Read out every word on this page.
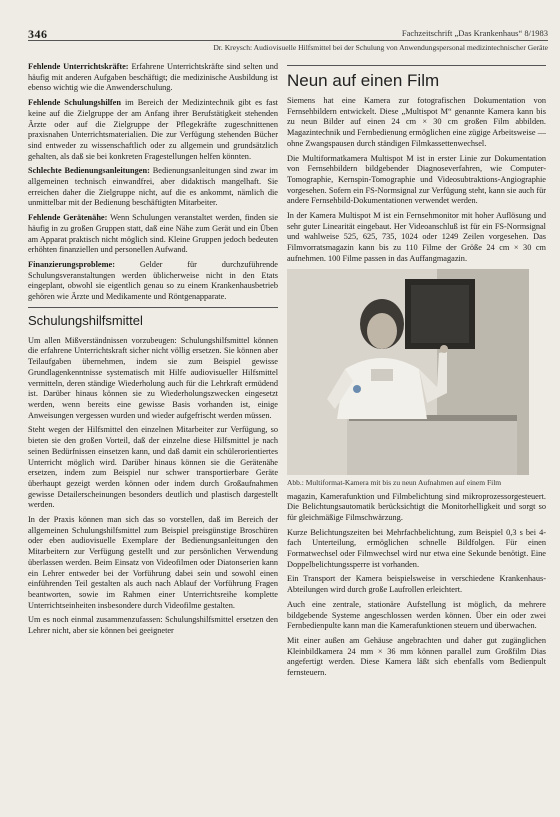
346	Fachzeitschrift „Das Krankenhaus“ 8/1983
Dr. Kreysch: Audiovisuelle Hilfsmittel bei der Schulung von Anwendungspersonal medizintechnischer Geräte

Fehlende Unterrichtskräfte: Erfahrene Unterrichtskräfte sind selten und häufig mit anderen Aufgaben beschäftigt; die medizinische Ausbildung ist ebenso wichtig wie die Anwenderschulung.

Fehlende Schulungshilfen im Bereich der Medizintechnik gibt es fast keine auf die Zielgruppe der am Anfang ihrer Berufstätigkeit stehenden Ärzte oder auf die Zielgruppe der Pflegekräfte zugeschnittenen praxisnahen Unterrichtsmaterialien. Die zur Verfügung stehenden Bücher sind entweder zu wissenschaftlich oder zu allgemein und grundsätzlich gehalten, als daß sie bei konkreten Fragestellungen helfen könnten.

Schlechte Bedienungsanleitungen: Bedienungsanleitungen sind zwar im allgemeinen technisch einwandfrei, aber didaktisch mangelhaft. Sie erreichen daher die Zielgruppe nicht, auf die es ankommt, nämlich die unmittelbar mit der Bedienung beschäftigten Mitarbeiter.

Fehlende Gerätenähe: Wenn Schulungen veranstaltet werden, finden sie häufig in zu großen Gruppen statt, daß eine Nähe zum Gerät und ein Üben am Apparat praktisch nicht möglich sind. Kleine Gruppen jedoch bedeuten erhöhten finanziellen und personellen Aufwand.

Finanzierungsprobleme: Gelder für durchzuführende Schulungsveranstaltungen werden üblicherweise nicht in den Etats eingeplant, obwohl sie eigentlich genau so zu einem Krankenhausbetrieb gehören wie Ärzte und Medikamente und Röntgenapparate.

Schulungshilfsmittel

Um allen Mißverständnissen vorzubeugen: Schulungshilfsmittel können die erfahrene Unterrichtskraft sicher nicht völlig ersetzen. Sie können aber Teilaufgaben übernehmen, indem sie zum Beispiel gewisse Grundlagenkenntnisse systematisch mit Hilfe audiovisueller Hilfsmittel vermitteln, deren ständige Wiederholung auch für die Lehrkraft ermüdend ist. Darüber hinaus können sie zu Wiederholungszwecken eingesetzt werden, wenn bereits eine gewisse Basis vorhanden ist, einige Anweisungen vergessen wurden und wieder aufgefrischt werden müssen.

Steht wegen der Hilfsmittel den einzelnen Mitarbeiter zur Verfügung, so bieten sie den großen Vorteil, daß der einzelne diese Hilfsmittel je nach seinen Bedürfnissen einsetzen kann, und daß damit ein schülerorientiertes Unterricht möglich wird. Darüber hinaus können sie die Gerätenähe ersetzen, indem zum Beispiel nur schwer transportierbare Geräte überhaupt gezeigt werden können oder indem durch Großaufnahmen gewisse Detailerscheinungen besonders deutlich und plastisch dargestellt werden.

In der Praxis können man sich das so vorstellen, daß im Bereich der allgemeinen Schulungshilfsmittel zum Beispiel preisgünstige Broschüren oder eben audiovisuelle Exemplare der Bedienungsanleitungen den Mitarbeitern zur Verfügung gestellt und zur persönlichen Verwendung überlassen werden. Beim Einsatz von Videofilmen oder Diatonserien kann ein Lehrer entweder bei der Vorführung dabei sein und sowohl einen einführenden Teil gestalten als auch nach Ablauf der Vorführung Fragen beantworten, sowie im Rahmen einer Unterrichtsreihe komplette Unterrichtseinheiten insbesondere durch Videofilme gestalten.

Um es noch einmal zusammenzufassen: Schulungshilfsmittel ersetzen den Lehrer nicht, aber sie können bei geeigneter

Neun auf einen Film

Siemens hat eine Kamera zur fotografischen Dokumentation von Fernsehbildern entwickelt. Diese „Multispot M“ genannte Kamera kann bis zu neun Bilder auf einen 24 cm × 30 cm großen Film abbilden. Magazintechnik und Fernbedienung ermöglichen eine zügige Arbeitsweise — ohne Zwangspausen durch ständigen Filmkassettenwechsel.

Die Multiformatkamera Multispot M ist in erster Linie zur Dokumentation von Fernsehbildern bildgebender Diagnoseverfahren, wie Computer-Tomographie, Kernspin-Tomographie und Videosubtraktions-Angiographie vorgesehen. Sofern ein FS-Normsignal zur Verfügung steht, kann sie auch für andere Fernsehbild-Dokumentationen verwendet werden.

In der Kamera Multispot M ist ein Fernsehmonitor mit hoher Auflösung und sehr guter Linearität eingebaut. Her Videoanschluß ist für ein FS-Normsignal und wahlweise 525, 625, 735, 1024 oder 1249 Zeilen vorgesehen. Das Filmvorratsmagazin kann bis zu 110 Filme der Größe 24 cm × 30 cm aufnehmen. 100 Filme passen in das Auffangmagazin.

Abb.: Multiformat-Kamera mit bis zu neun Aufnahmen auf einem Film

magazin, Kamerafunktion und Filmbelichtung sind mikroprozessorgesteuert. Die Belichtungsautomatik berücksichtigt die Monitorhelligkeit und sorgt so für gleichmäßige Filmschwärzung.

Kurze Belichtungszeiten bei Mehrfachbelichtung, zum Beispiel 0,3 s bei 4-fach Unterteilung, ermöglichen schnelle Bildfolgen. Für einen Formatwechsel oder Filmwechsel wird nur etwa eine Sekunde benötigt. Eine Doppelbelichtungssperre ist vorhanden.

Ein Transport der Kamera beispielsweise in verschiedene Krankenhaus-Abteilungen wird durch große Laufrollen erleichtert.

Auch eine zentrale, stationäre Aufstellung ist möglich, da mehrere bildgebende Systeme angeschlossen werden können. Über ein oder zwei Fernbedienpulte kann man die Kamerafunktionen steuern und überwachen.

Mit einer außen am Gehäuse angebrachten und daher gut zugänglichen Kleinbildkamera 24 mm × 36 mm können parallel zum Großfilm Dias angefertigt werden. Diese Kamera läßt sich ebenfalls vom Bedienpult fernsteuern.
